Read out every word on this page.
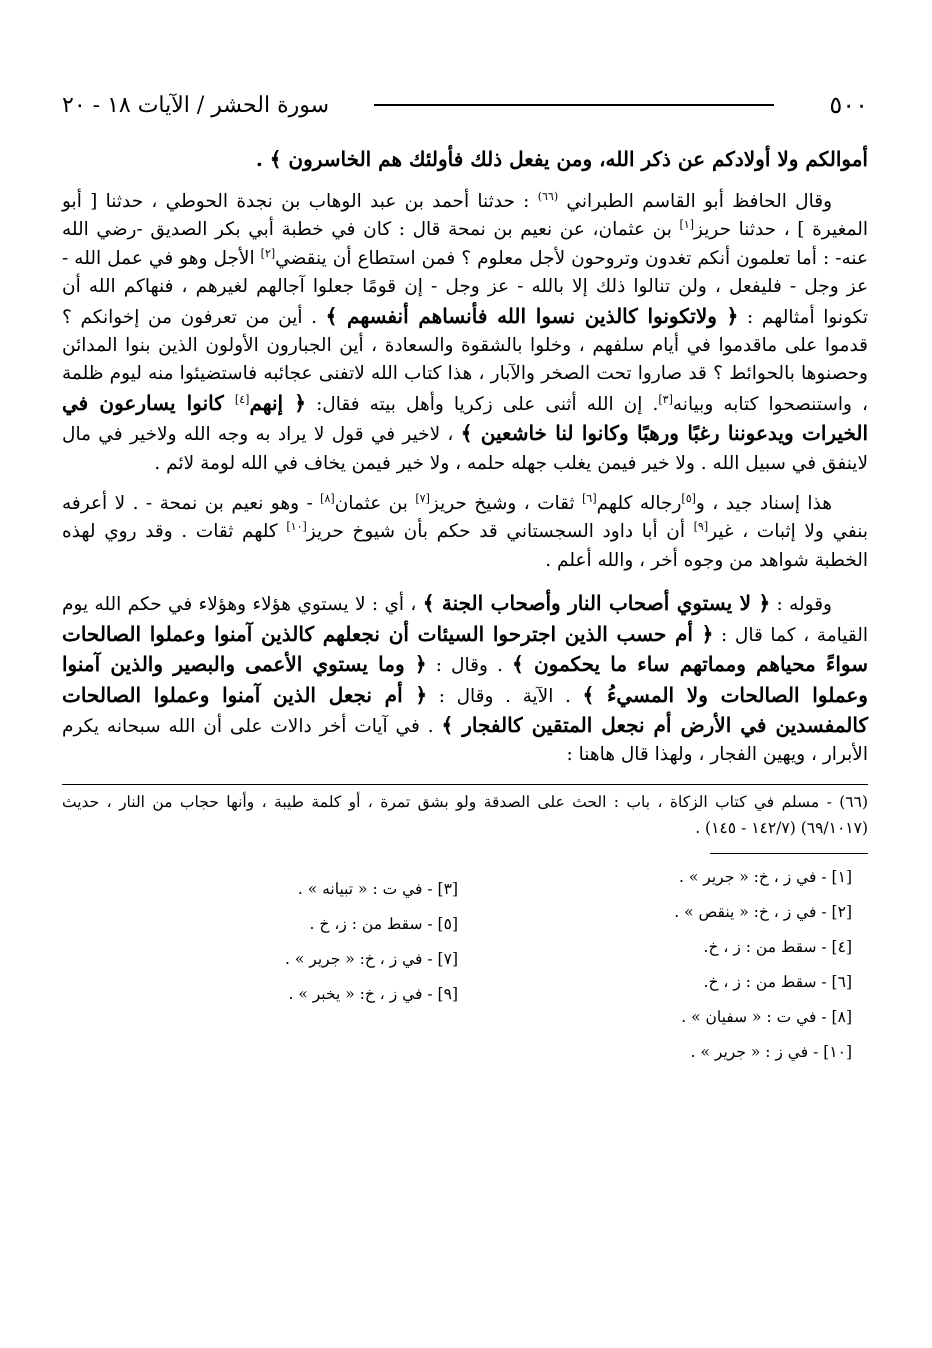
٥٠٠
سورة الحشر / الآيات ١٨ - ٢٠

أموالكم ولا أولادكم عن ذكر الله، ومن يفعل ذلك فأولئك هم الخاسرون ﴾ .

وقال الحافظ أبو القاسم الطبراني $^{(٦٦)}$ : حدثنا أحمد بن عبد الوهاب بن نجدة الحوطي ، حدثنا [ أبو المغيرة ] ، حدثنا حريز[١] بن عثمان، عن نعيم بن نمحة قال : كان في خطبة أبي بكر الصديق -رضي الله عنه- : أما تعلمون أنكم تغدون وتروحون لأجل معلوم ؟ فمن استطاع أن ينقضي[٢] الأجل وهو في عمل الله - عز وجل - فليفعل ، ولن تنالوا ذلك إلا بالله - عز وجل - إن قومًا جعلوا آجالهم لغيرهم ، فنهاكم الله أن تكونوا أمثالهم : ﴿ ولاتكونوا كالذين نسوا الله فأنساهم أنفسهم ﴾ . أين من تعرفون من إخوانكم ؟ قدموا على ماقدموا في أيام سلفهم ، وخلوا بالشقوة والسعادة ، أين الجبارون الأولون الذين بنوا المدائن وحصنوها بالحوائط ؟ قد صاروا تحت الصخر والآبار ، هذا كتاب الله لاتفنى عجائبه فاستضيئوا منه ليوم ظلمة ، واستنصحوا كتابه وبيانه[٣]. إن الله أثنى على زكريا وأهل بيته فقال: ﴿ إنهم[٤] كانوا يسارعون في الخيرات ويدعوننا رغبًا ورهبًا وكانوا لنا خاشعين ﴾ ، لاخير في قول لا يراد به وجه الله ولاخير في مال لاينفق في سبيل الله . ولا خير فيمن يغلب جهله حلمه ، ولا خير فيمن يخاف في الله لومة لائم .

هذا إسناد جيد ، و[٥]رجاله كلهم[٦] ثقات ، وشيخ حريز[٧] بن عثمان[٨] - وهو نعيم بن نمحة - . لا أعرفه بنفي ولا إثبات ، غير[٩] أن أبا داود السجستاني قد حكم بأن شيوخ حريز[١٠] كلهم ثقات . وقد روي لهذه الخطبة شواهد من وجوه أخر ، والله أعلم .

وقوله : ﴿ لا يستوي أصحاب النار وأصحاب الجنة ﴾ ، أي : لا يستوي هؤلاء وهؤلاء في حكم الله يوم القيامة ، كما قال : ﴿ أم حسب الذين اجترحوا السيئات أن نجعلهم كالذين آمنوا وعملوا الصالحات سواءً محياهم ومماتهم ساء ما يحكمون ﴾ . وقال : ﴿ وما يستوي الأعمى والبصير والذين آمنوا وعملوا الصالحات ولا المسيءُ ﴾ . الآية . وقال : ﴿ أم نجعل الذين آمنوا وعملوا الصالحات كالمفسدين في الأرض أم نجعل المتقين كالفجار ﴾ . في آيات أخر دالات على أن الله سبحانه يكرم الأبرار ، ويهين الفجار ، ولهذا قال هاهنا :

(٦٦) - مسلم في كتاب الزكاة ، باب : الحث على الصدقة ولو بشق تمرة ، أو كلمة طيبة ، وأنها حجاب من النار ، حديث (٦٩/١٠١٧) (١٤٢/٧ - ١٤٥) .

[١] - في ز ، خ: « جرير » .
[٢] - في ز ، خ: « ينقص » .
[٤] - سقط من : ز ، خ.
[٦] - سقط من : ز ، خ.
[٨] - في ت : « سفيان » .
[١٠] - في ز : « جرير » .
[٣] - في ت : « تبيانه » .
[٥] - سقط من : ز، خ .
[٧] - في ز ، خ: « جرير » .
[٩] - في ز ، خ: « يخبر » .
